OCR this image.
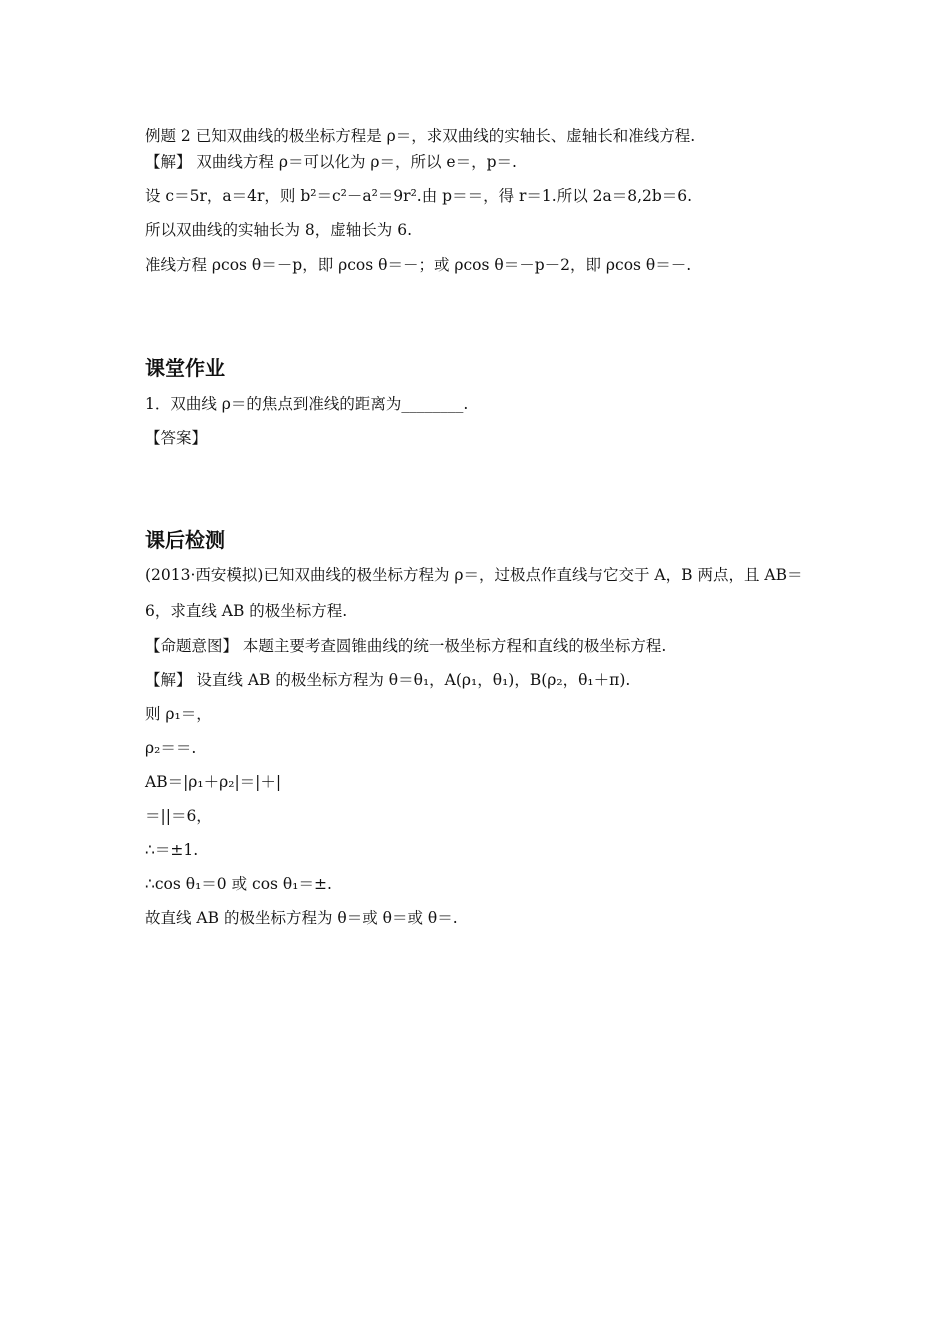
例题 2 已知双曲线的极坐标方程是 ρ＝，求双曲线的实轴长、虚轴长和准线方程.
【解】 双曲线方程 ρ＝可以化为 ρ＝，所以 e＝，p＝.
设 c＝5r，a＝4r，则 b²＝c²－a²＝9r².由 p＝＝，得 r＝1.所以 2a＝8,2b＝6.
所以双曲线的实轴长为 8，虚轴长为 6.
准线方程 ρcos θ＝－p，即 ρcos θ＝－；或 ρcos θ＝－p－2，即 ρcos θ＝－.
课堂作业
1．双曲线 ρ＝的焦点到准线的距离为________.
【答案】
课后检测
(2013·西安模拟)已知双曲线的极坐标方程为 ρ＝，过极点作直线与它交于 A，B 两点，且 AB＝
6，求直线 AB 的极坐标方程.
【命题意图】 本题主要考查圆锥曲线的统一极坐标方程和直线的极坐标方程.
【解】 设直线 AB 的极坐标方程为 θ＝θ₁，A(ρ₁，θ₁)，B(ρ₂，θ₁＋π).
则 ρ₁＝，
ρ₂＝＝.
AB＝|ρ₁＋ρ₂|＝|＋|
＝||＝6，
∴＝±1.
∴cos θ₁＝0 或 cos θ₁＝±.
故直线 AB 的极坐标方程为 θ＝或 θ＝或 θ＝.
